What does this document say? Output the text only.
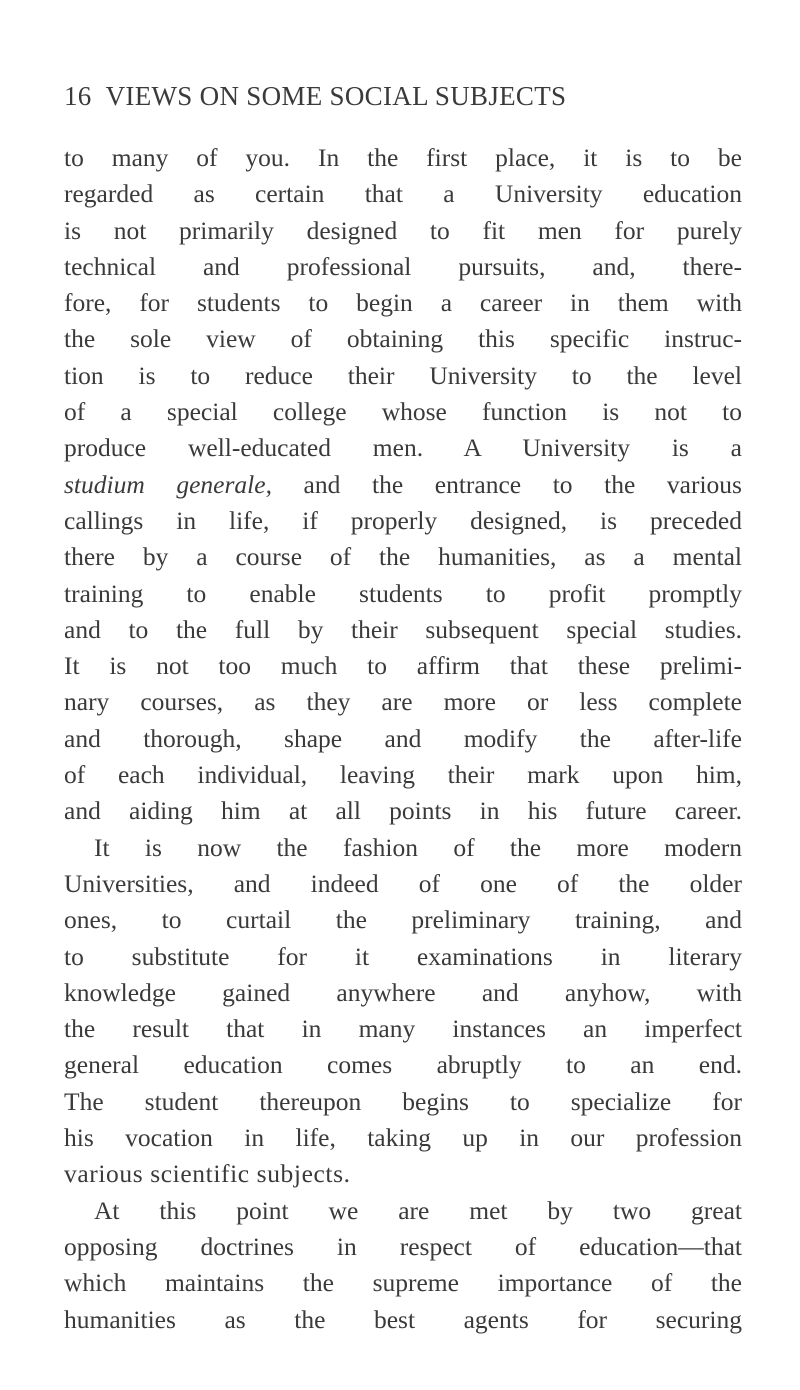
16 VIEWS ON SOME SOCIAL SUBJECTS
to many of you. In the first place, it is to be
regarded as certain that a University education
is not primarily designed to fit men for purely
technical and professional pursuits, and, there-
fore, for students to begin a career in them with
the sole view of obtaining this specific instruc-
tion is to reduce their University to the level
of a special college whose function is not to
produce well-educated men. A University is a
studium generale, and the entrance to the various
callings in life, if properly designed, is preceded
there by a course of the humanities, as a mental
training to enable students to profit promptly
and to the full by their subsequent special studies.
It is not too much to affirm that these prelimi-
nary courses, as they are more or less complete
and thorough, shape and modify the after-life
of each individual, leaving their mark upon him,
and aiding him at all points in his future career.
It is now the fashion of the more modern
Universities, and indeed of one of the older
ones, to curtail the preliminary training, and
to substitute for it examinations in literary
knowledge gained anywhere and anyhow, with
the result that in many instances an imperfect
general education comes abruptly to an end.
The student thereupon begins to specialize for
his vocation in life, taking up in our profession
various scientific subjects.
At this point we are met by two great
opposing doctrines in respect of education—that
which maintains the supreme importance of the
humanities as the best agents for securing
